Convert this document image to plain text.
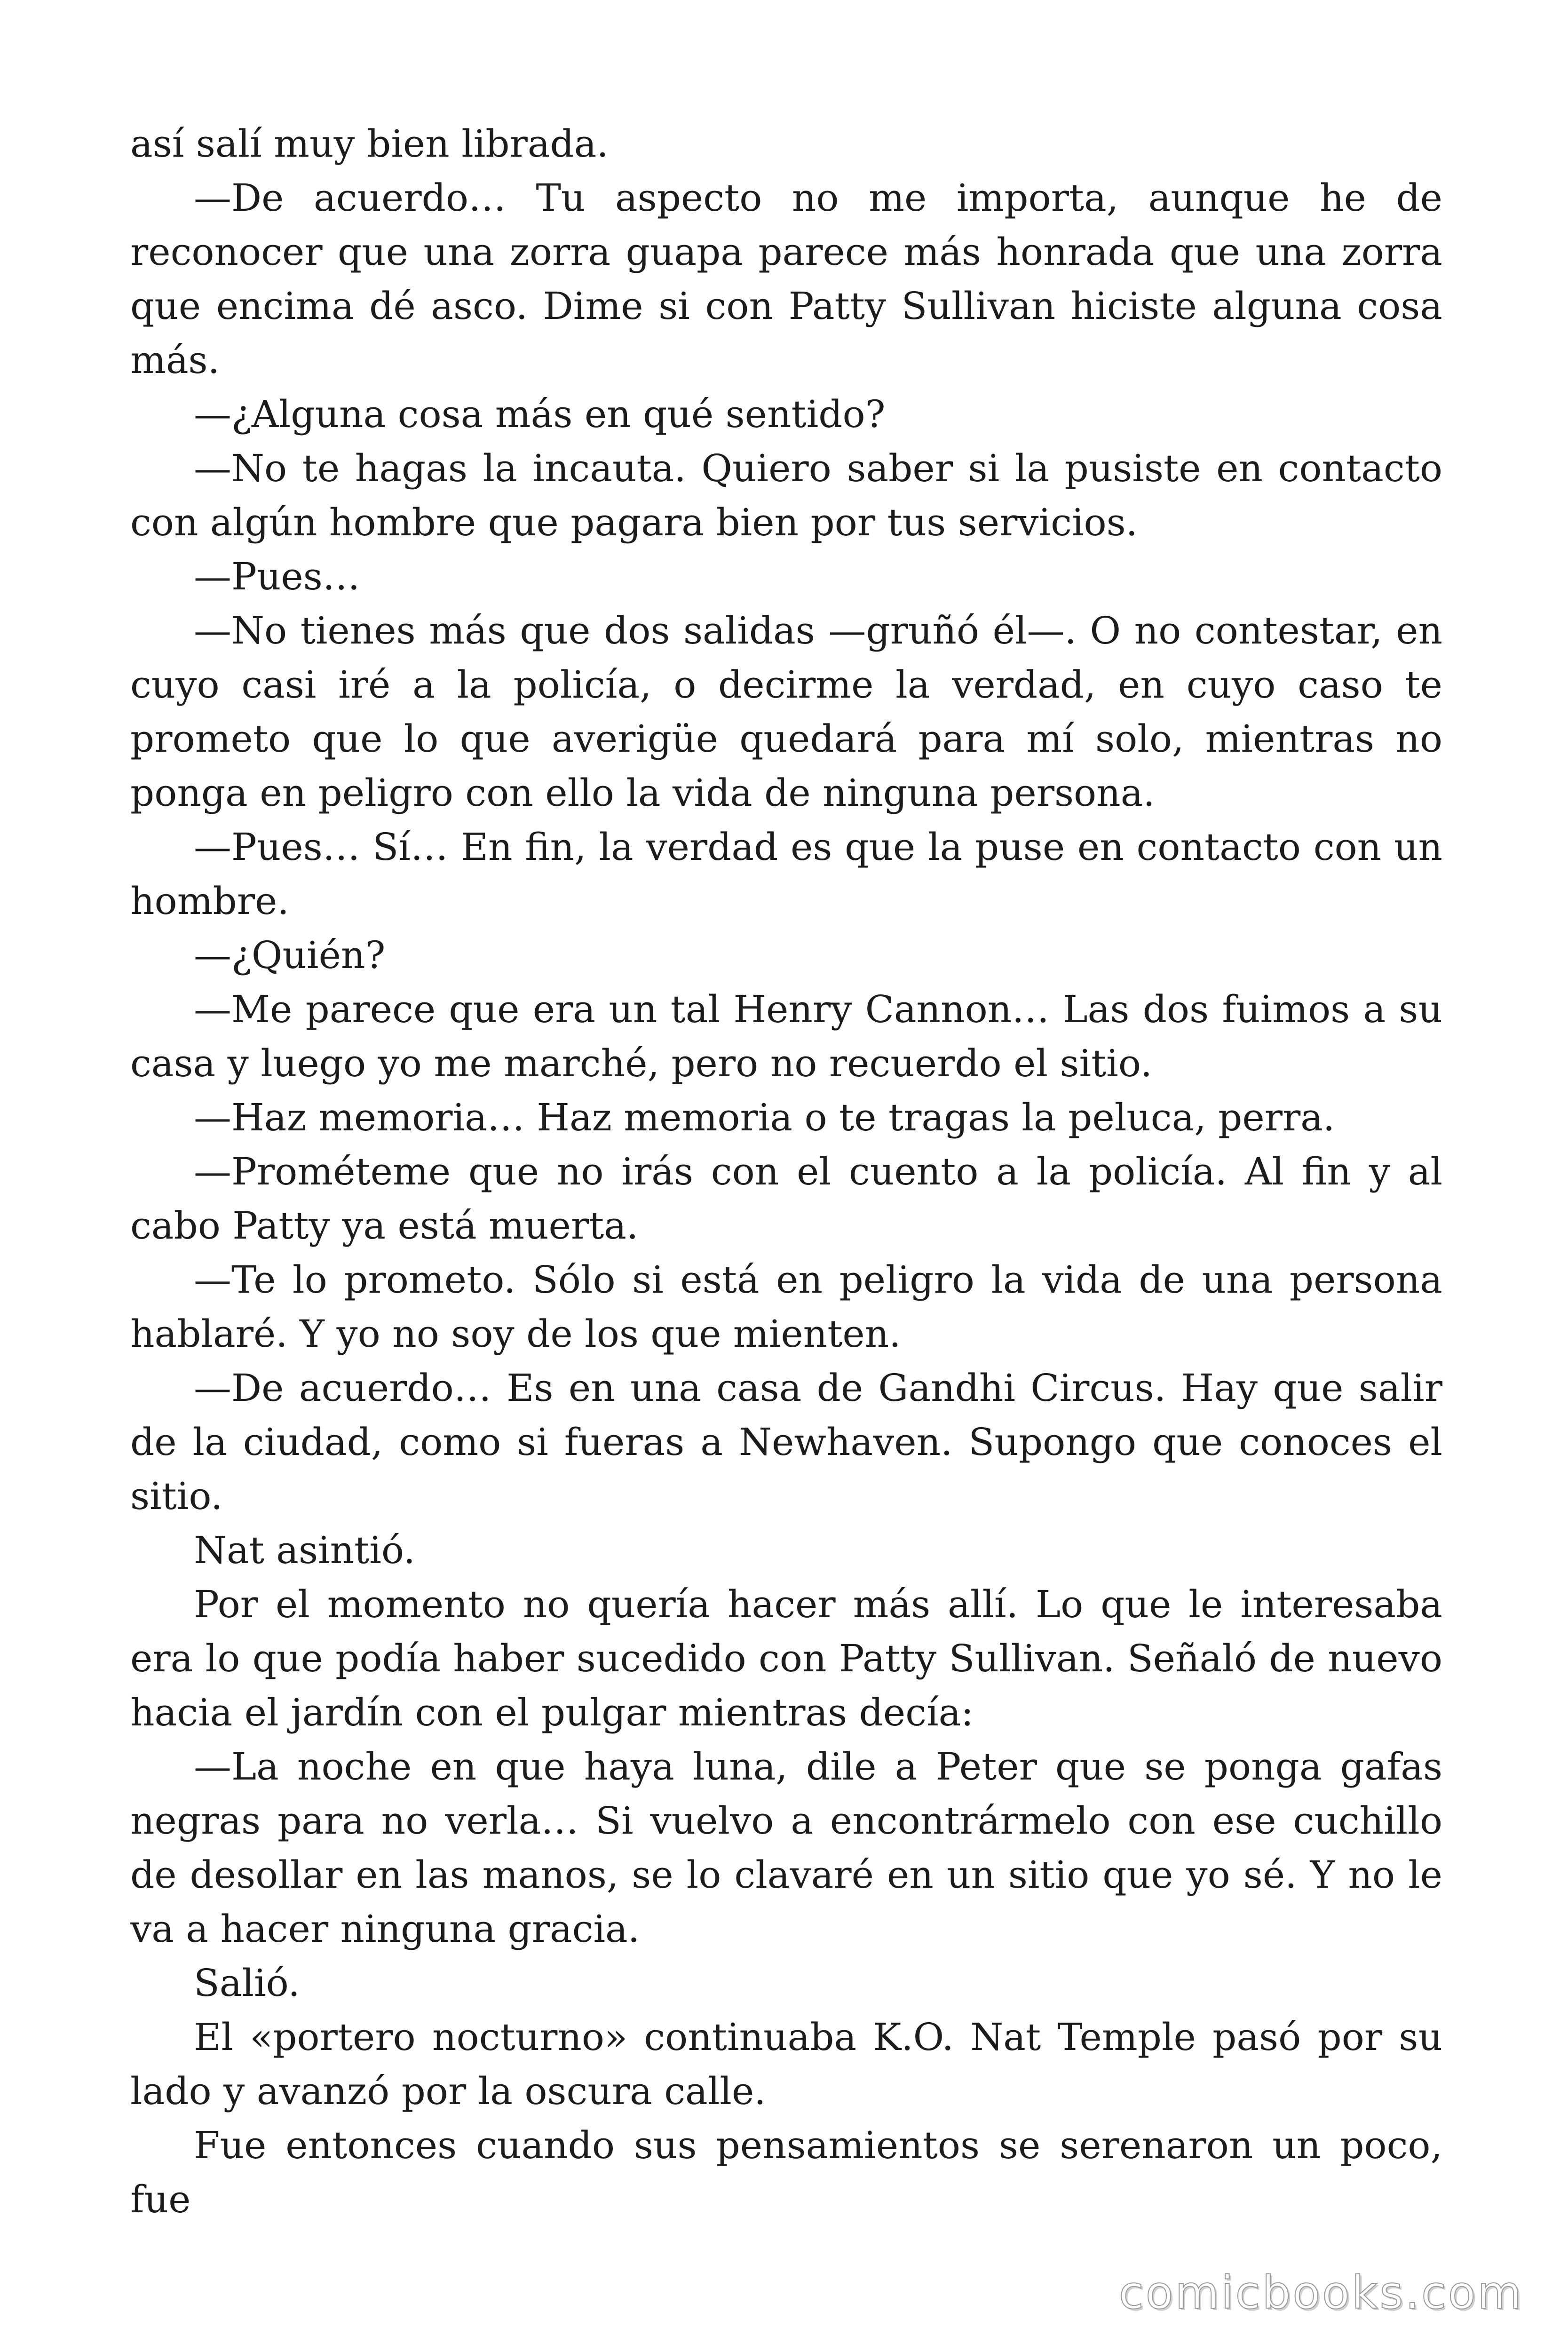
así salí muy bien librada.

—De acuerdo… Tu aspecto no me importa, aunque he de reconocer que una zorra guapa parece más honrada que una zorra que encima dé asco. Dime si con Patty Sullivan hiciste alguna cosa más.

—¿Alguna cosa más en qué sentido?

—No te hagas la incauta. Quiero saber si la pusiste en contacto con algún hombre que pagara bien por tus servicios.

—Pues…

—No tienes más que dos salidas —gruñó él—. O no contestar, en cuyo casi iré a la policía, o decirme la verdad, en cuyo caso te prometo que lo que averigüe quedará para mí solo, mientras no ponga en peligro con ello la vida de ninguna persona.

—Pues… Sí… En fin, la verdad es que la puse en contacto con un hombre.

—¿Quién?

—Me parece que era un tal Henry Cannon… Las dos fuimos a su casa y luego yo me marché, pero no recuerdo el sitio.

—Haz memoria… Haz memoria o te tragas la peluca, perra.

—Prométeme que no irás con el cuento a la policía. Al fin y al cabo Patty ya está muerta.

—Te lo prometo. Sólo si está en peligro la vida de una persona hablaré. Y yo no soy de los que mienten.

—De acuerdo… Es en una casa de Gandhi Circus. Hay que salir de la ciudad, como si fueras a Newhaven. Supongo que conoces el sitio.

Nat asintió.

Por el momento no quería hacer más allí. Lo que le interesaba era lo que podía haber sucedido con Patty Sullivan. Señaló de nuevo hacia el jardín con el pulgar mientras decía:

—La noche en que haya luna, dile a Peter que se ponga gafas negras para no verla… Si vuelvo a encontrármelo con ese cuchillo de desollar en las manos, se lo clavaré en un sitio que yo sé. Y no le va a hacer ninguna gracia.

Salió.

El «portero nocturno» continuaba K.O. Nat Temple pasó por su lado y avanzó por la oscura calle.

Fue entonces cuando sus pensamientos se serenaron un poco, fue

comicbooks.com
